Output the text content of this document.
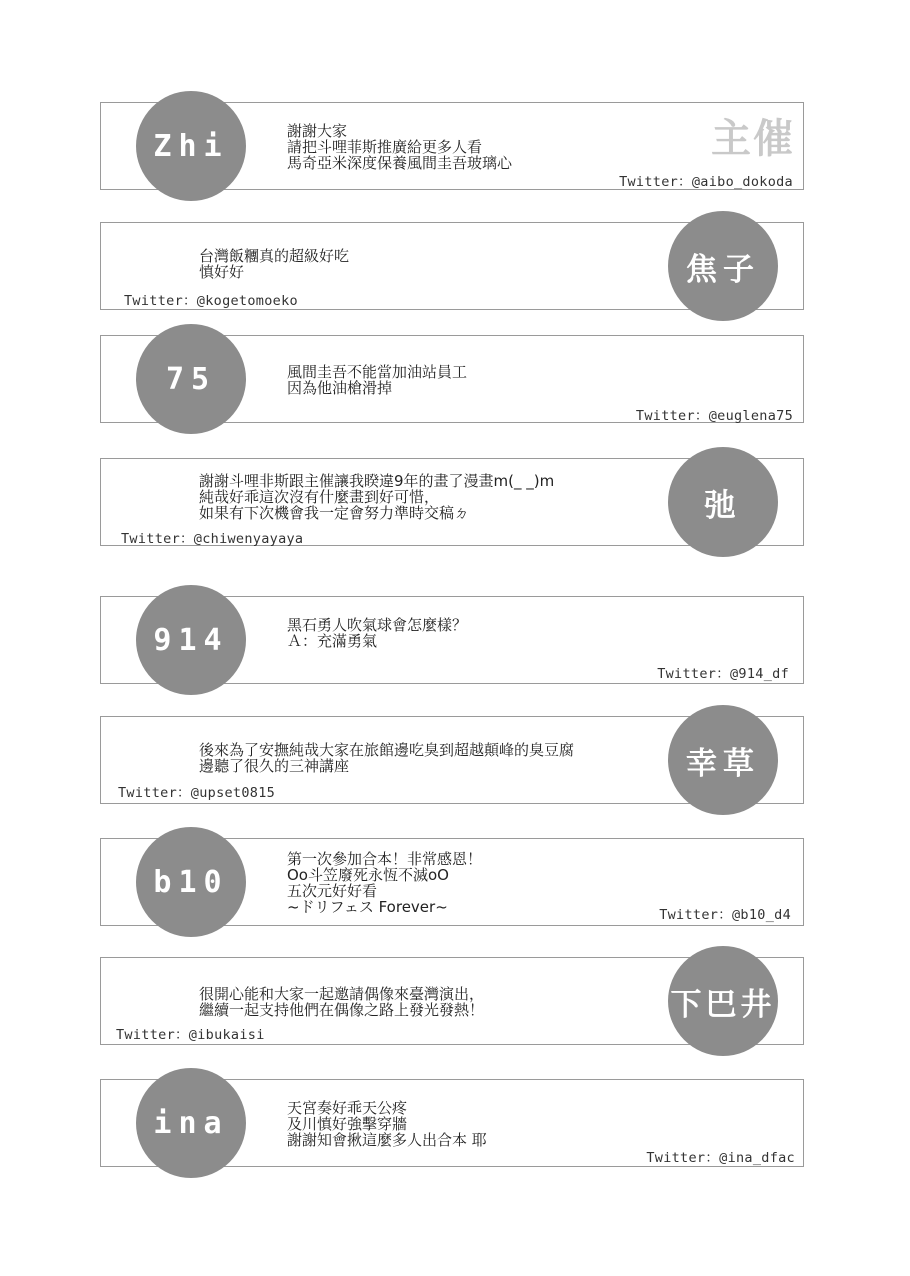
謝謝大家
請把斗哩菲斯推廣給更多人看
馬奇亞米深度保養風間圭吾玻璃心
主催
Twitter：@aibo_dokoda
Zhi
台灣飯糰真的超級好吃
慎好好
Twitter：@kogetomoeko
焦子
風間圭吾不能當加油站員工
因為他油槍滑掉
Twitter：@euglena75
75
謝謝斗哩非斯跟主催讓我睽違9年的畫了漫畫m(_ _)m
純哉好乖這次沒有什麼畫到好可惜，
如果有下次機會我一定會努力準時交稿ㄉ
Twitter：@chiwenyayaya
弛
黑石勇人吹氣球會怎麼樣？
Ａ：充滿勇氣
Twitter：@914_df
914
後來為了安撫純哉大家在旅館邊吃臭到超越顛峰的臭豆腐
邊聽了很久的三神講座
Twitter：@upset0815
幸草
第一次參加合本！非常感恩！
Oo斗笠廢死永恆不滅oO
五次元好好看
~ドリフェス Forever~	Twitter：@b10_d4
b10
很開心能和大家一起邀請偶像來臺灣演出，
繼續一起支持他們在偶像之路上發光發熱！
Twitter：@ibukaisi
下巴井
天宮奏好乖天公疼
及川慎好強擊穿牆
謝謝知會揪這麼多人出合本 耶
Twitter：@ina_dfac
ina
